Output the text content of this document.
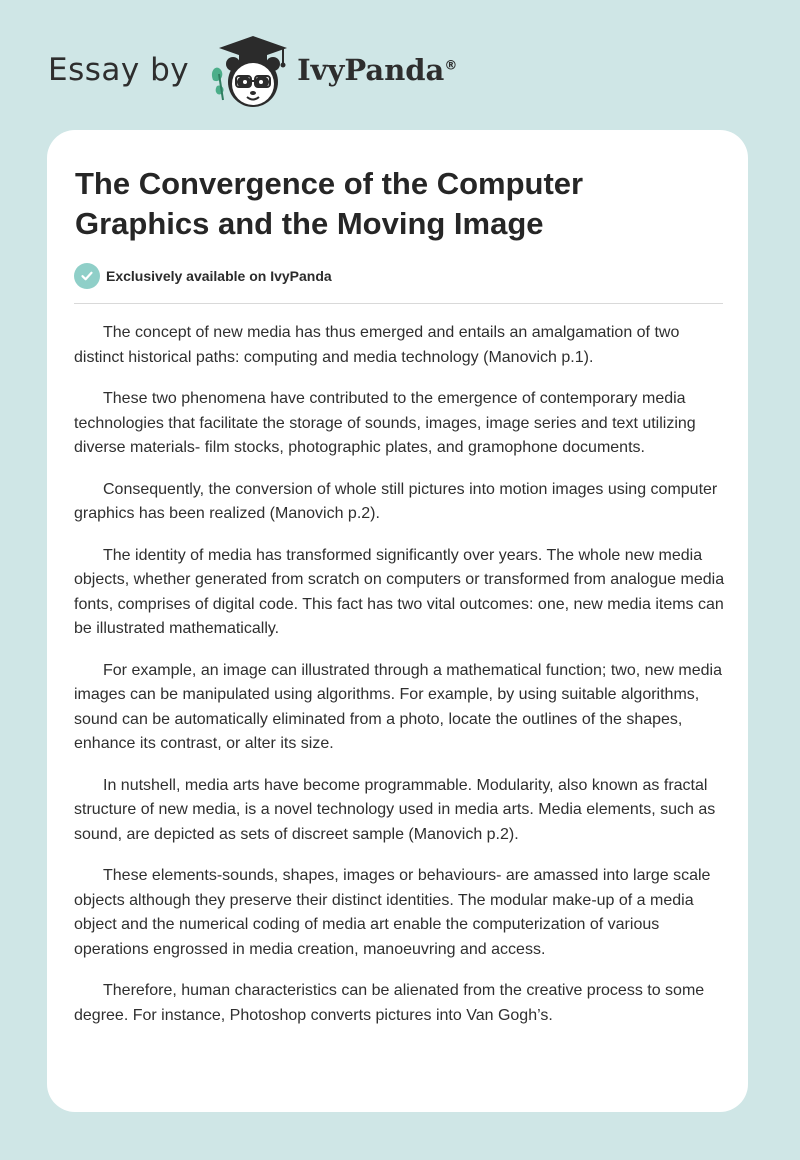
Essay by	IvyPanda®
The Convergence of the Computer Graphics and the Moving Image
Exclusively available on IvyPanda

The concept of new media has thus emerged and entails an amalgamation of two distinct historical paths: computing and media technology (Manovich p.1).

These two phenomena have contributed to the emergence of contemporary media technologies that facilitate the storage of sounds, images, image series and text utilizing diverse materials- film stocks, photographic plates, and gramophone documents.

Consequently, the conversion of whole still pictures into motion images using computer graphics has been realized (Manovich p.2).

The identity of media has transformed significantly over years. The whole new media objects, whether generated from scratch on computers or transformed from analogue media fonts, comprises of digital code. This fact has two vital outcomes: one, new media items can be illustrated mathematically.

For example, an image can illustrated through a mathematical function; two, new media images can be manipulated using algorithms. For example, by using suitable algorithms, sound can be automatically eliminated from a photo, locate the outlines of the shapes, enhance its contrast, or alter its size.

In nutshell, media arts have become programmable. Modularity, also known as fractal structure of new media, is a novel technology used in media arts. Media elements, such as sound, are depicted as sets of discreet sample (Manovich p.2).

These elements-sounds, shapes, images or behaviours- are amassed into large scale objects although they preserve their distinct identities. The modular make-up of a media object and the numerical coding of media art enable the computerization of various operations engrossed in media creation, manoeuvring and access.

Therefore, human characteristics can be alienated from the creative process to some degree. For instance, Photoshop converts pictures into Van Gogh’s.
